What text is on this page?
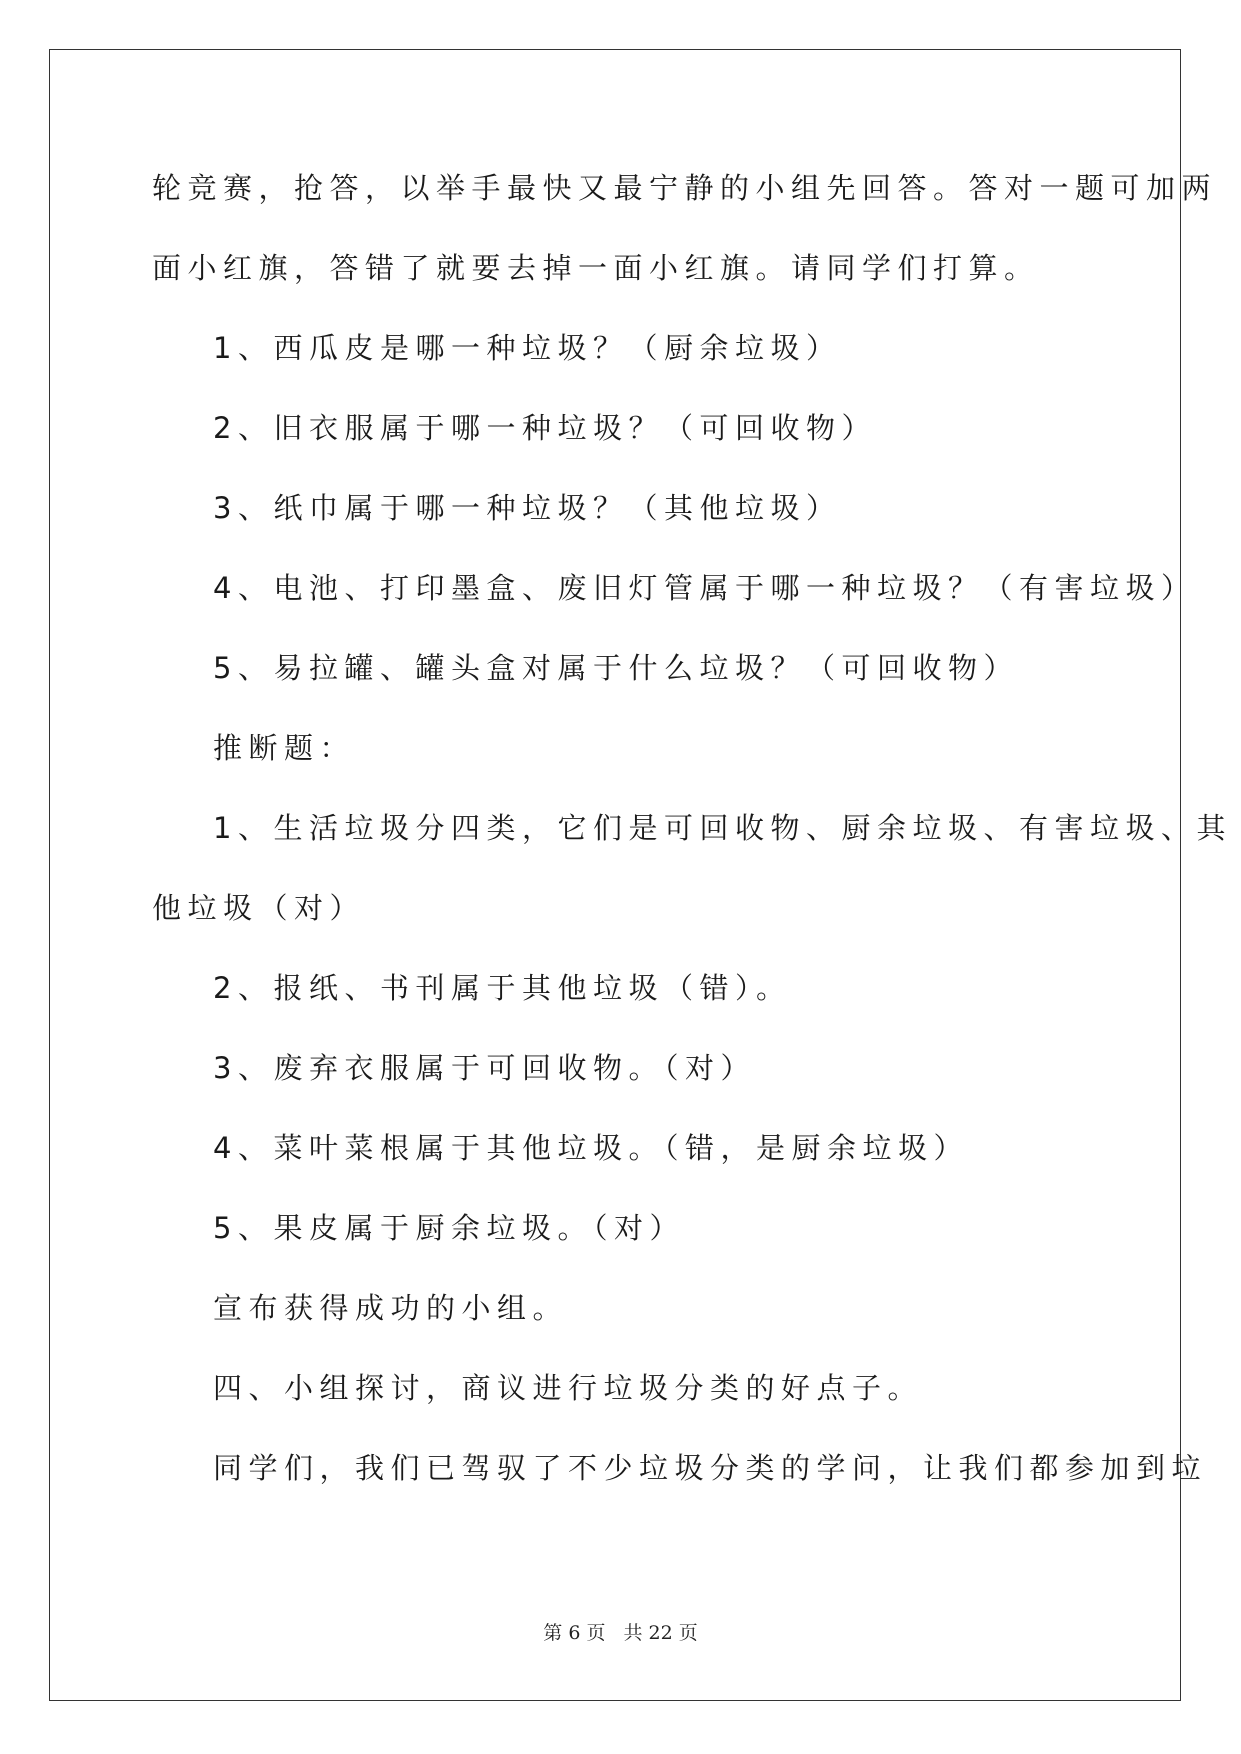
轮竞赛，抢答，以举手最快又最宁静的小组先回答。答对一题可加两
面小红旗，答错了就要去掉一面小红旗。请同学们打算。
1、西瓜皮是哪一种垃圾？（厨余垃圾）
2、旧衣服属于哪一种垃圾？（可回收物）
3、纸巾属于哪一种垃圾？（其他垃圾）
4、电池、打印墨盒、废旧灯管属于哪一种垃圾？（有害垃圾）
5、易拉罐、罐头盒对属于什么垃圾？（可回收物）
推断题：
1、生活垃圾分四类，它们是可回收物、厨余垃圾、有害垃圾、其
他垃圾（对）
2、报纸、书刊属于其他垃圾（错）。
3、废弃衣服属于可回收物。（对）
4、菜叶菜根属于其他垃圾。（错，是厨余垃圾）
5、果皮属于厨余垃圾。（对）
宣布获得成功的小组。
四、小组探讨，商议进行垃圾分类的好点子。
同学们，我们已驾驭了不少垃圾分类的学问，让我们都参加到垃
第 6 页 共 22 页
